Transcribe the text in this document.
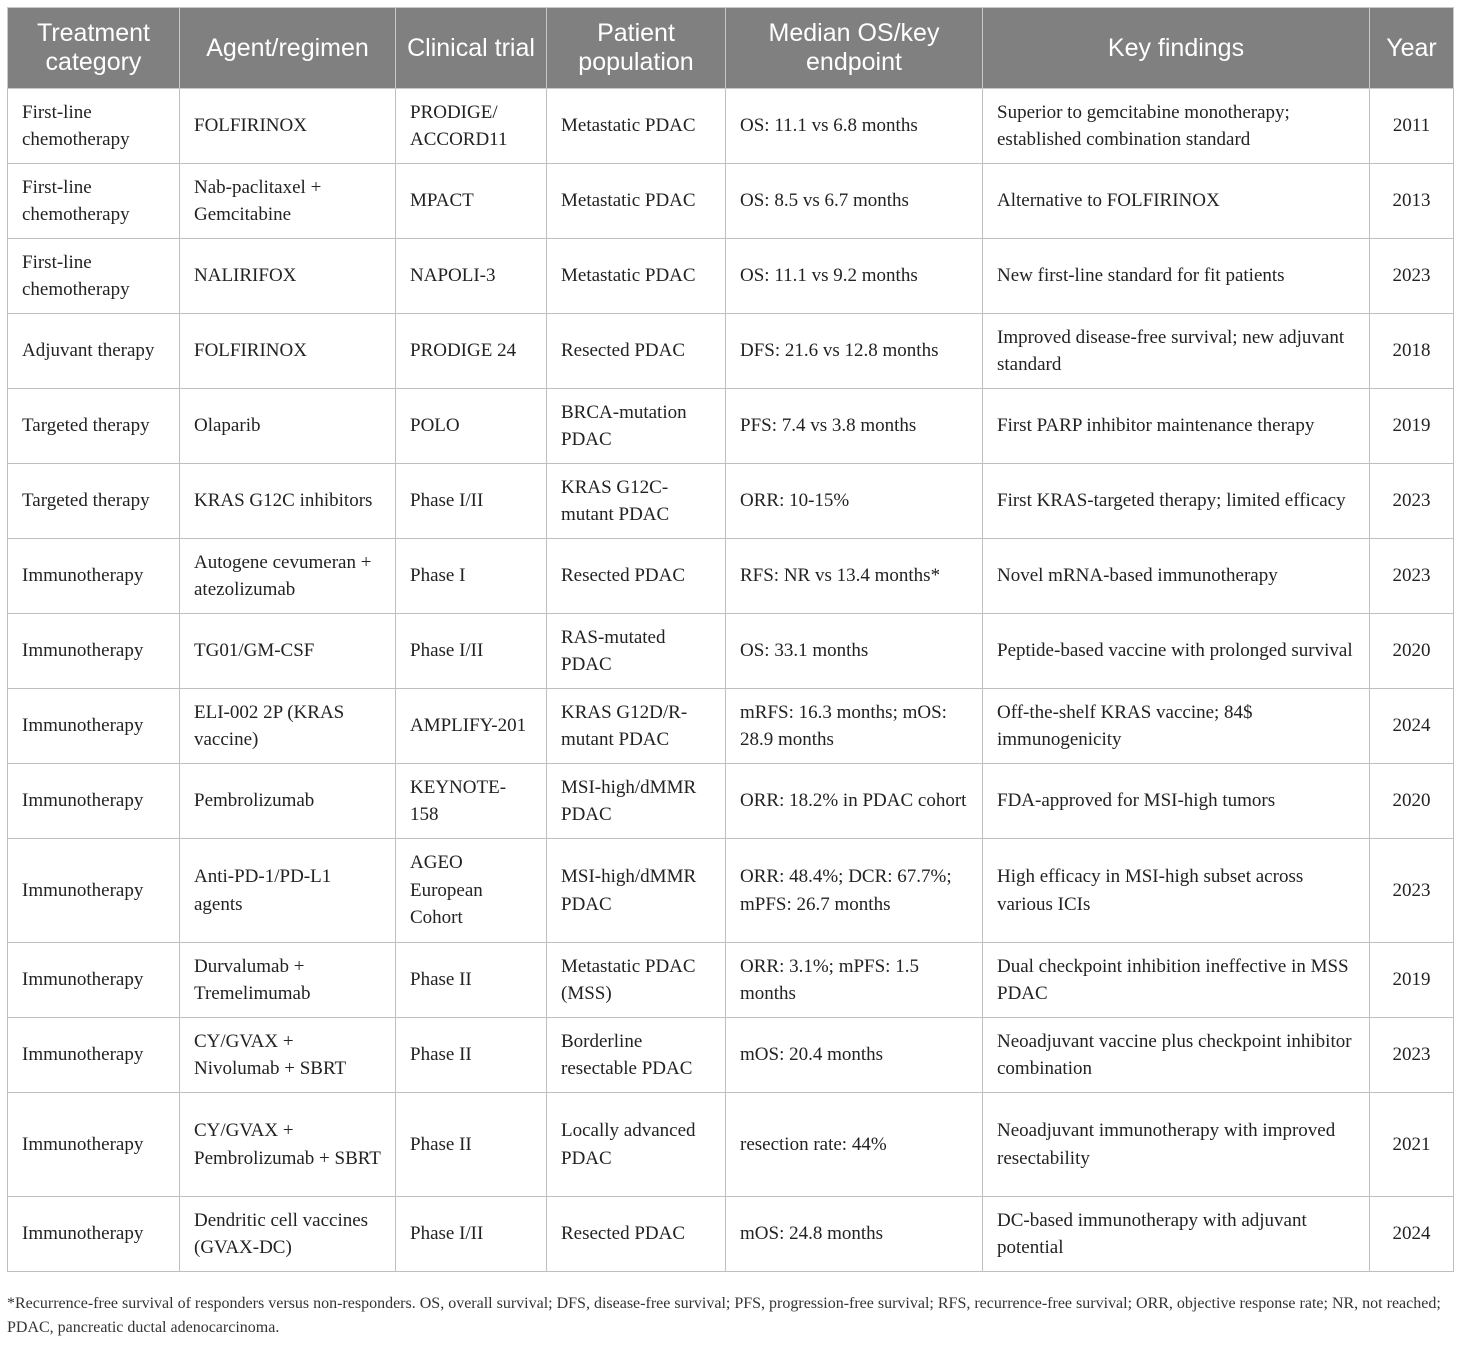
Treatment category	Agent/regimen	Clinical trial	Patient population	Median OS/key endpoint	Key findings	Year
First-line chemotherapy	FOLFIRINOX	PRODIGE/ ACCORD11	Metastatic PDAC	OS: 11.1 vs 6.8 months	Superior to gemcitabine monotherapy; established combination standard	2011
First-line chemotherapy	Nab-paclitaxel + Gemcitabine	MPACT	Metastatic PDAC	OS: 8.5 vs 6.7 months	Alternative to FOLFIRINOX	2013
First-line chemotherapy	NALIRIFOX	NAPOLI-3	Metastatic PDAC	OS: 11.1 vs 9.2 months	New first-line standard for fit patients	2023
Adjuvant therapy	FOLFIRINOX	PRODIGE 24	Resected PDAC	DFS: 21.6 vs 12.8 months	Improved disease-free survival; new adjuvant standard	2018
Targeted therapy	Olaparib	POLO	BRCA-mutation PDAC	PFS: 7.4 vs 3.8 months	First PARP inhibitor maintenance therapy	2019
Targeted therapy	KRAS G12C inhibitors	Phase I/II	KRAS G12C-mutant PDAC	ORR: 10-15%	First KRAS-targeted therapy; limited efficacy	2023
Immunotherapy	Autogene cevumeran + atezolizumab	Phase I	Resected PDAC	RFS: NR vs 13.4 months*	Novel mRNA-based immunotherapy	2023
Immunotherapy	TG01/GM-CSF	Phase I/II	RAS-mutated PDAC	OS: 33.1 months	Peptide-based vaccine with prolonged survival	2020
Immunotherapy	ELI-002 2P (KRAS vaccine)	AMPLIFY-201	KRAS G12D/R-mutant PDAC	mRFS: 16.3 months; mOS: 28.9 months	Off-the-shelf KRAS vaccine; 84$ immunogenicity	2024
Immunotherapy	Pembrolizumab	KEYNOTE-158	MSI-high/dMMR PDAC	ORR: 18.2% in PDAC cohort	FDA-approved for MSI-high tumors	2020
Immunotherapy	Anti-PD-1/PD-L1 agents	AGEO European Cohort	MSI-high/dMMR PDAC	ORR: 48.4%; DCR: 67.7%; mPFS: 26.7 months	High efficacy in MSI-high subset across various ICIs	2023
Immunotherapy	Durvalumab + Tremelimumab	Phase II	Metastatic PDAC (MSS)	ORR: 3.1%; mPFS: 1.5 months	Dual checkpoint inhibition ineffective in MSS PDAC	2019
Immunotherapy	CY/GVAX + Nivolumab + SBRT	Phase II	Borderline resectable PDAC	mOS: 20.4 months	Neoadjuvant vaccine plus checkpoint inhibitor combination	2023
Immunotherapy	CY/GVAX + Pembrolizumab + SBRT	Phase II	Locally advanced PDAC	resection rate: 44%	Neoadjuvant immunotherapy with improved resectability	2021
Immunotherapy	Dendritic cell vaccines (GVAX-DC)	Phase I/II	Resected PDAC	mOS: 24.8 months	DC-based immunotherapy with adjuvant potential	2024
*Recurrence-free survival of responders versus non-responders. OS, overall survival; DFS, disease-free survival; PFS, progression-free survival; RFS, recurrence-free survival; ORR, objective response rate; NR, not reached; PDAC, pancreatic ductal adenocarcinoma.
